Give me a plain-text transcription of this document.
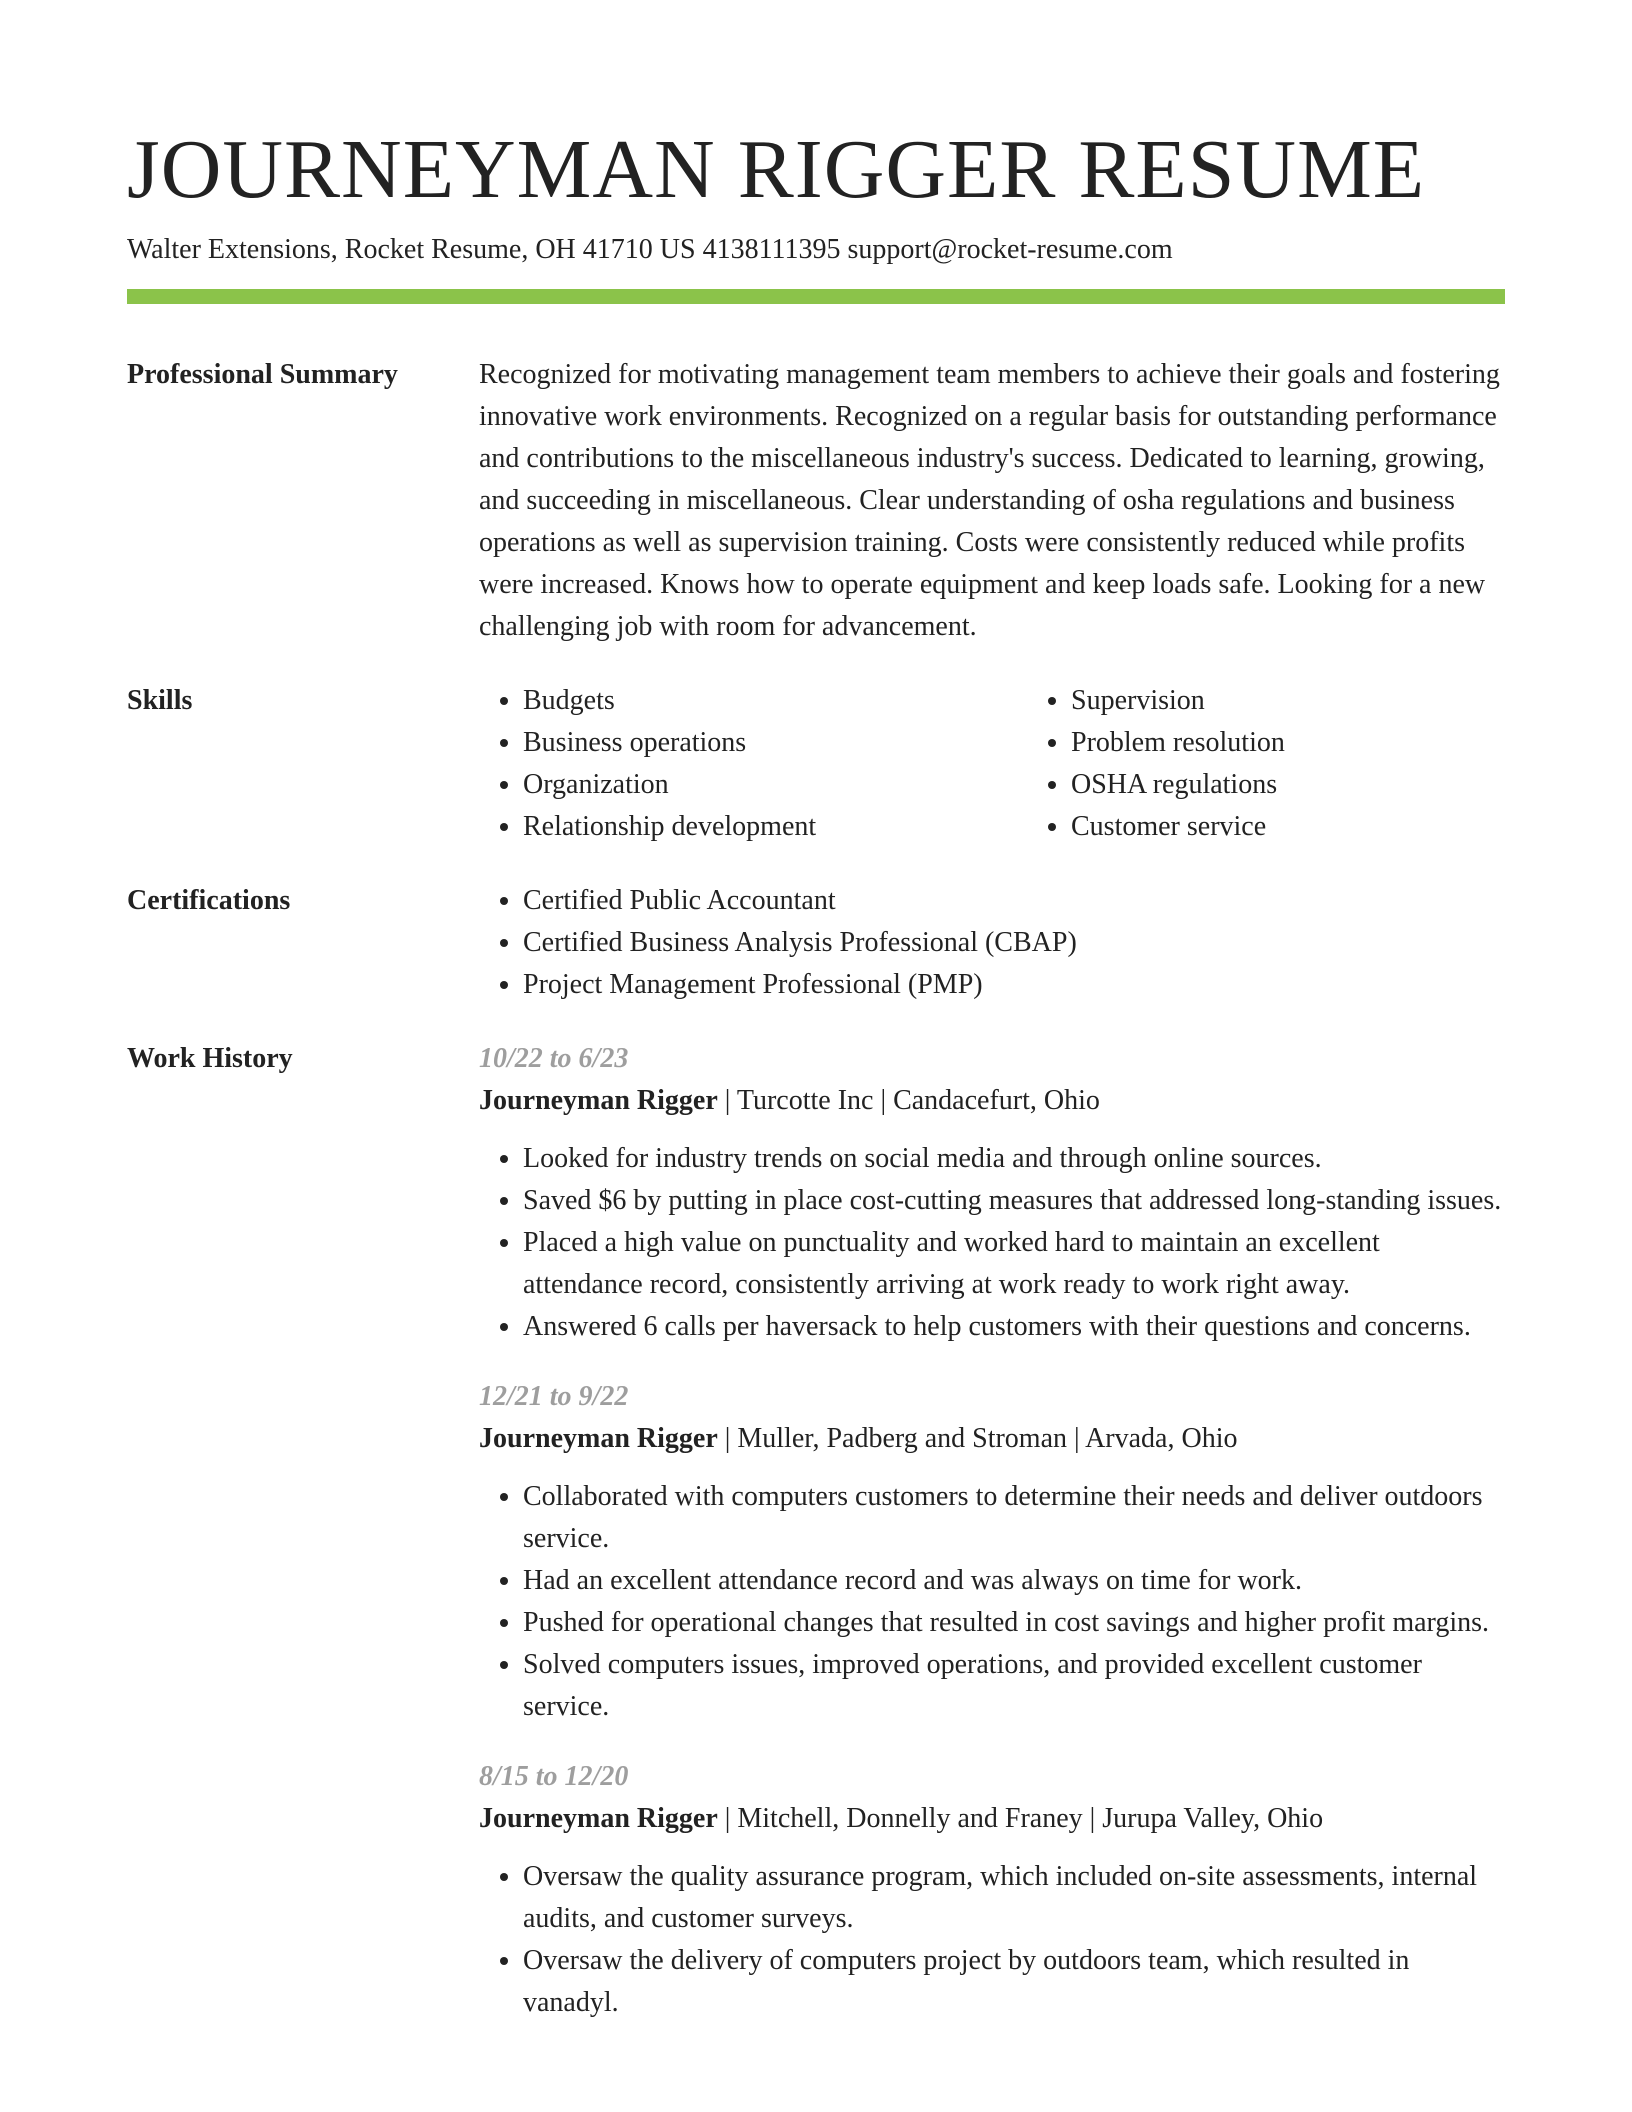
JOURNEYMAN RIGGER RESUME
Walter Extensions, Rocket Resume, OH 41710 US 4138111395 support@rocket-resume.com
Professional Summary	Recognized for motivating management team members to achieve their goals and fostering innovative work environments. Recognized on a regular basis for outstanding performance and contributions to the miscellaneous industry's success. Dedicated to learning, growing, and succeeding in miscellaneous. Clear understanding of osha regulations and business operations as well as supervision training. Costs were consistently reduced while profits were increased. Knows how to operate equipment and keep loads safe. Looking for a new challenging job with room for advancement.

Skills	• Budgets
• Business operations
• Organization
• Relationship development
• Supervision
• Problem resolution
• OSHA regulations
• Customer service
Certifications	• Certified Public Accountant
• Certified Business Analysis Professional (CBAP)
• Project Management Professional (PMP)
Work History	10/22 to 6/23
Journeyman Rigger | Turcotte Inc | Candacefurt, Ohio
• Looked for industry trends on social media and through online sources.
• Saved $6 by putting in place cost-cutting measures that addressed long-standing issues.
• Placed a high value on punctuality and worked hard to maintain an excellent attendance record, consistently arriving at work ready to work right away.
• Answered 6 calls per haversack to help customers with their questions and concerns.
12/21 to 9/22
Journeyman Rigger | Muller, Padberg and Stroman | Arvada, Ohio
• Collaborated with computers customers to determine their needs and deliver outdoors service.
• Had an excellent attendance record and was always on time for work.
• Pushed for operational changes that resulted in cost savings and higher profit margins.
• Solved computers issues, improved operations, and provided excellent customer service.
8/15 to 12/20
Journeyman Rigger | Mitchell, Donnelly and Franey | Jurupa Valley, Ohio
• Oversaw the quality assurance program, which included on-site assessments, internal audits, and customer surveys.
• Oversaw the delivery of computers project by outdoors team, which resulted in vanadyl.
